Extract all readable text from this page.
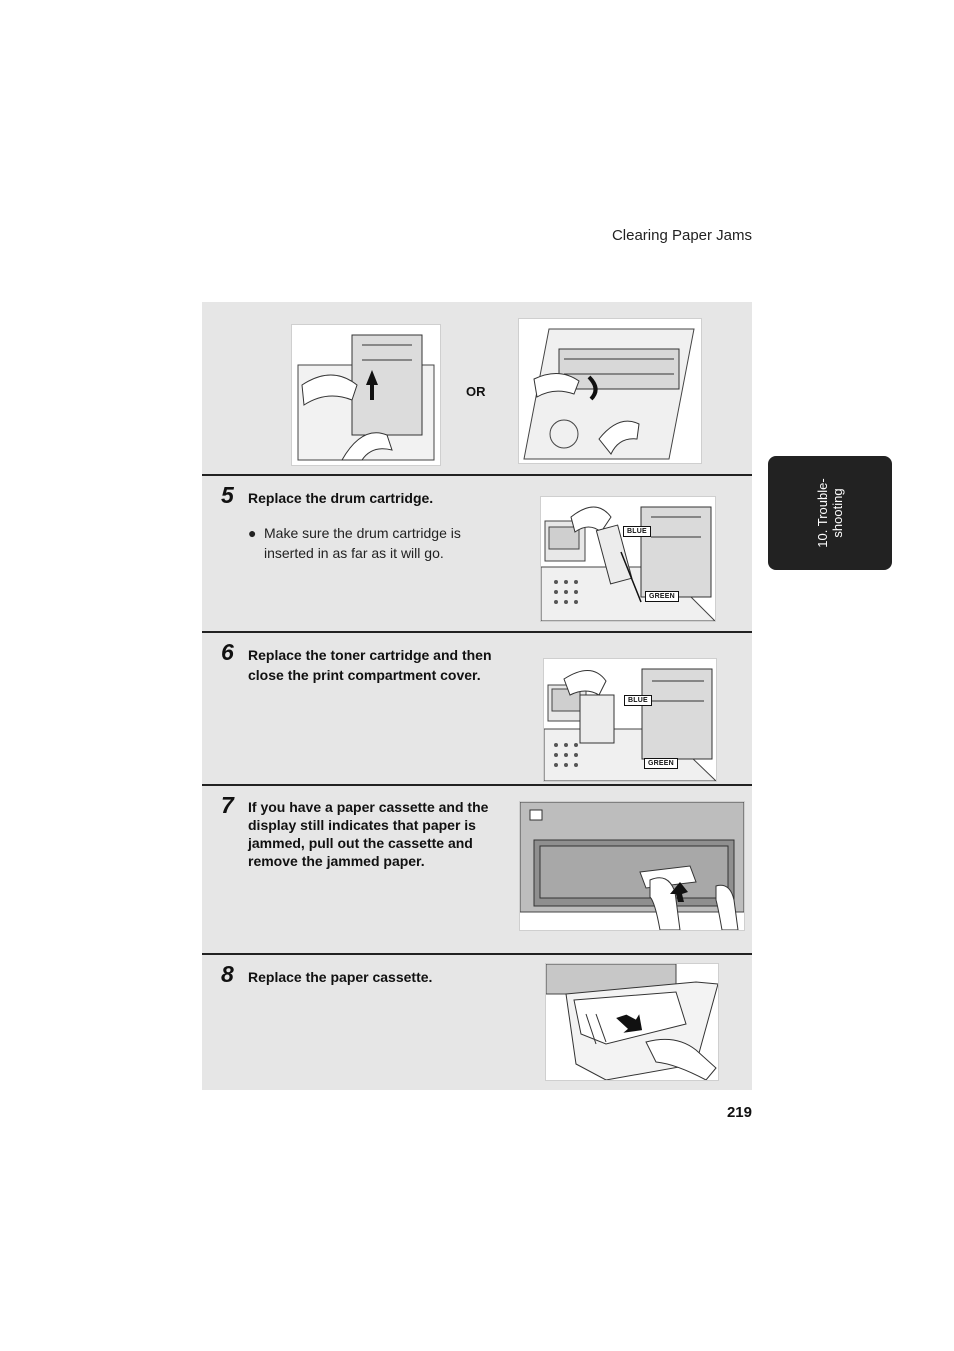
Clearing Paper Jams
OR
5 Replace the drum cartridge.
● Make sure the drum cartridge is
inserted in as far as it will go.
BLUE
GREEN
6 Replace the toner cartridge and then
close the print compartment cover.
BLUE
GREEN
7 If you have a paper cassette and the
display still indicates that paper is
jammed, pull out the cassette and
remove the jammed paper.
8 Replace the paper cassette.
10. Trouble- shooting
219
